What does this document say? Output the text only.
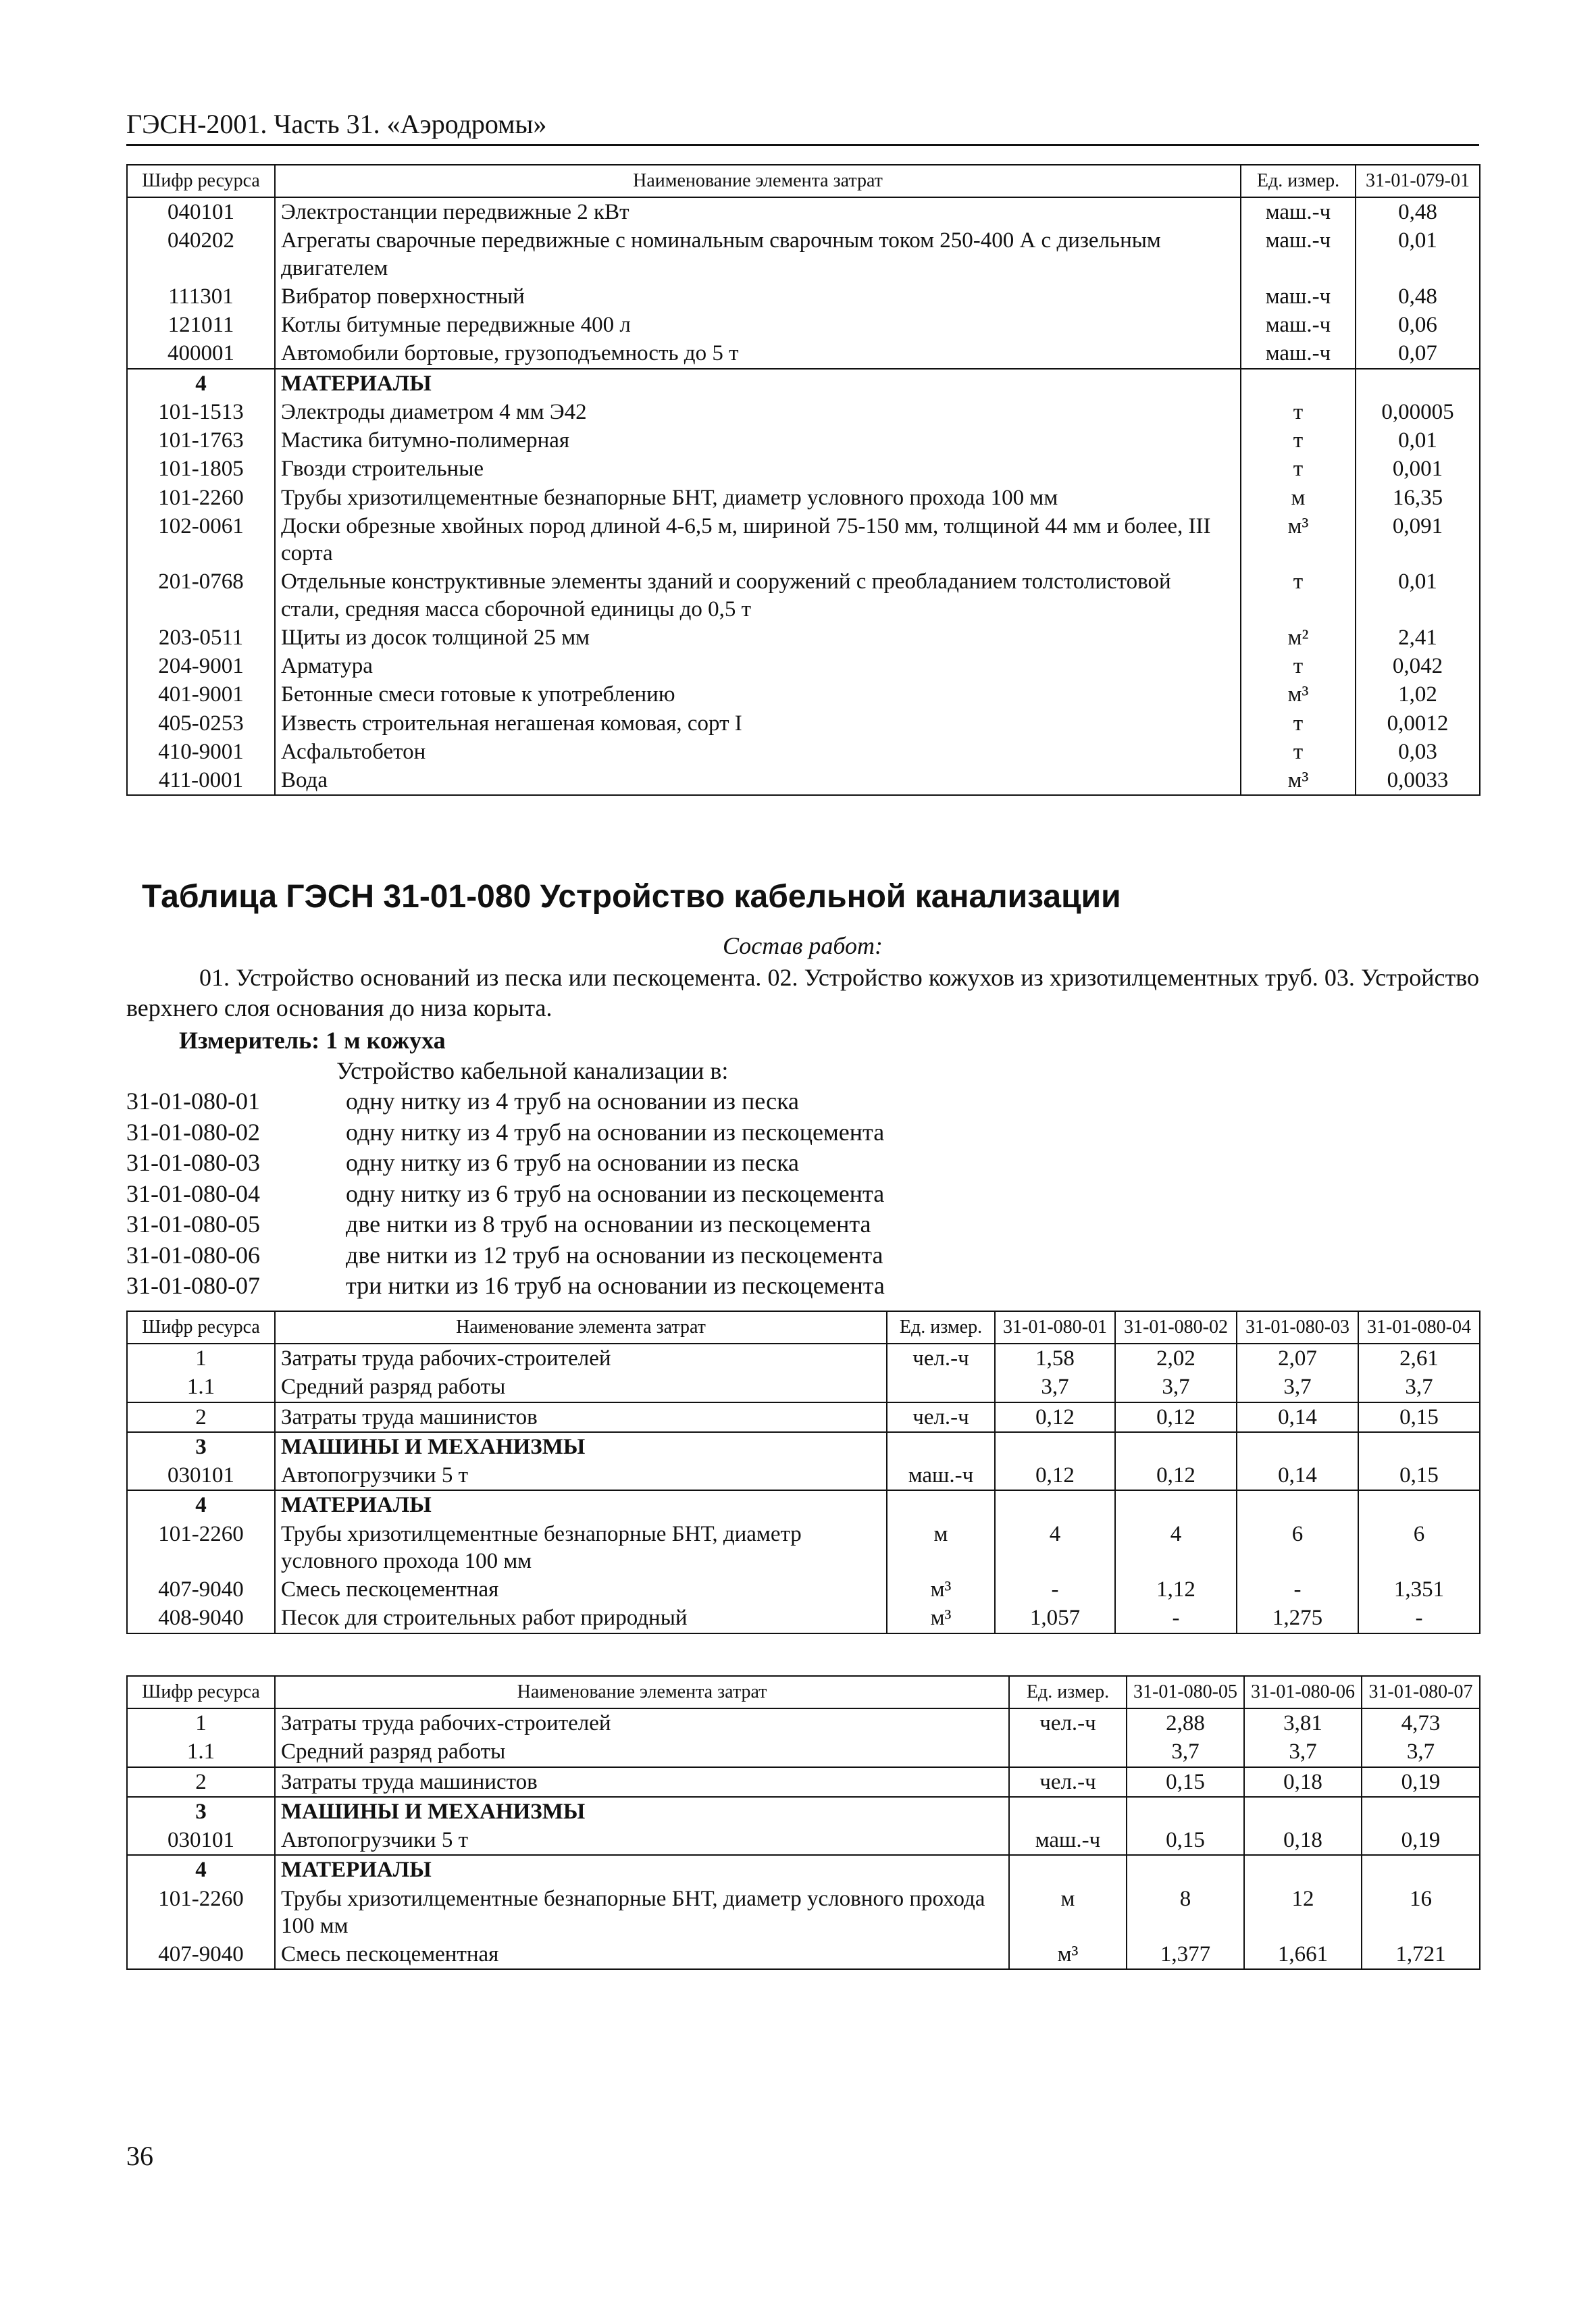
ГЭСН-2001. Часть 31. «Аэродромы»
Шифр ресурса	Наименование элемента затрат	Ед. измер.	31-01-079-01
040101	Электростанции передвижные 2 кВт	маш.-ч	0,48
040202	Агрегаты сварочные передвижные с номинальным сварочным током 250-400 А с дизельным двигателем	маш.-ч	0,01
111301	Вибратор поверхностный	маш.-ч	0,48
121011	Котлы битумные передвижные 400 л	маш.-ч	0,06
400001	Автомобили бортовые, грузоподъемность до 5 т	маш.-ч	0,07
4	МАТЕРИАЛЫ		
101-1513	Электроды диаметром 4 мм Э42	т	0,00005
101-1763	Мастика битумно-полимерная	т	0,01
101-1805	Гвозди строительные	т	0,001
101-2260	Трубы хризотилцементные безнапорные БНТ, диаметр условного прохода 100 мм	м	16,35
102-0061	Доски обрезные хвойных пород длиной 4-6,5 м, шириной 75-150 мм, толщиной 44 мм и более, III сорта	м³	0,091
201-0768	Отдельные конструктивные элементы зданий и сооружений с преобладанием толстолистовой стали, средняя масса сборочной единицы до 0,5 т	т	0,01
203-0511	Щиты из досок толщиной 25 мм	м²	2,41
204-9001	Арматура	т	0,042
401-9001	Бетонные смеси готовые к употреблению	м³	1,02
405-0253	Известь строительная негашеная комовая, сорт I	т	0,0012
410-9001	Асфальтобетон	т	0,03
411-0001	Вода	м³	0,0033
Таблица ГЭСН 31-01-080 Устройство кабельной канализации
Состав работ:
01. Устройство оснований из песка или пескоцемента. 02. Устройство кожухов из хризотилцементных труб. 03. Устройство верхнего слоя основания до низа корыта.
Измеритель: 1 м кожуха
Устройство кабельной канализации в:
31-01-080-01	одну нитку из 4 труб на основании из песка
31-01-080-02	одну нитку из 4 труб на основании из пескоцемента
31-01-080-03	одну нитку из 6 труб на основании из песка
31-01-080-04	одну нитку из 6 труб на основании из пескоцемента
31-01-080-05	две нитки из 8 труб на основании из пескоцемента
31-01-080-06	две нитки из 12 труб на основании из пескоцемента
31-01-080-07	три нитки из 16 труб на основании из пескоцемента
Шифр ресурса	Наименование элемента затрат	Ед. измер.	31-01-080-01	31-01-080-02	31-01-080-03	31-01-080-04
1	Затраты труда рабочих-строителей	чел.-ч	1,58	2,02	2,07	2,61
1.1	Средний разряд работы		3,7	3,7	3,7	3,7
2	Затраты труда машинистов	чел.-ч	0,12	0,12	0,14	0,15
3	МАШИНЫ И МЕХАНИЗМЫ					
030101	Автопогрузчики 5 т	маш.-ч	0,12	0,12	0,14	0,15
4	МАТЕРИАЛЫ					
101-2260	Трубы хризотилцементные безнапорные БНТ, диаметр условного прохода 100 мм	м	4	4	6	6
407-9040	Смесь пескоцементная	м³	-	1,12	-	1,351
408-9040	Песок для строительных работ природный	м³	1,057	-	1,275	-
Шифр ресурса	Наименование элемента затрат	Ед. измер.	31-01-080-05	31-01-080-06	31-01-080-07
1	Затраты труда рабочих-строителей	чел.-ч	2,88	3,81	4,73
1.1	Средний разряд работы		3,7	3,7	3,7
2	Затраты труда машинистов	чел.-ч	0,15	0,18	0,19
3	МАШИНЫ И МЕХАНИЗМЫ				
030101	Автопогрузчики 5 т	маш.-ч	0,15	0,18	0,19
4	МАТЕРИАЛЫ				
101-2260	Трубы хризотилцементные безнапорные БНТ, диаметр условного прохода 100 мм	м	8	12	16
407-9040	Смесь пескоцементная	м³	1,377	1,661	1,721
36
